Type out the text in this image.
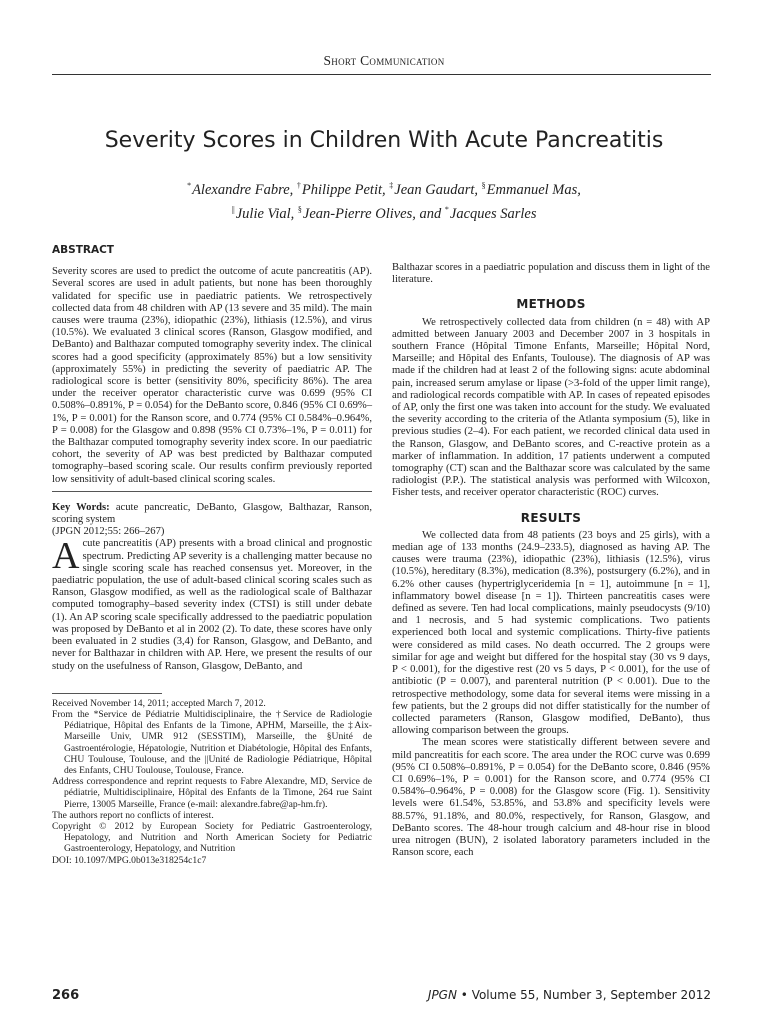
Short Communication
Severity Scores in Children With Acute Pancreatitis
*Alexandre Fabre, †Philippe Petit, ‡Jean Gaudart, §Emmanuel Mas,
||Julie Vial, §Jean-Pierre Olives, and *Jacques Sarles
ABSTRACT

Severity scores are used to predict the outcome of acute pancreatitis (AP). Several scores are used in adult patients, but none has been thoroughly validated for specific use in paediatric patients. We retrospectively collected data from 48 children with AP (13 severe and 35 mild). The main causes were trauma (23%), idiopathic (23%), lithiasis (12.5%), and virus (10.5%). We evaluated 3 clinical scores (Ranson, Glasgow modified, and DeBanto) and Balthazar computed tomography severity index. The clinical scores had a good specificity (approximately 85%) but a low sensitivity (approximately 55%) in predicting the severity of paediatric AP. The radiological score is better (sensitivity 80%, specificity 86%). The area under the receiver operator characteristic curve was 0.699 (95% CI 0.508%–0.891%, P = 0.054) for the DeBanto score, 0.846 (95% CI 0.69%–1%, P = 0.001) for the Ranson score, and 0.774 (95% CI 0.584%–0.964%, P = 0.008) for the Glasgow and 0.898 (95% CI 0.73%–1%, P = 0.011) for the Balthazar computed tomography severity index score. In our paediatric cohort, the severity of AP was best predicted by Balthazar computed tomography–based scoring scale. Our results confirm previously reported low sensitivity of adult-based clinical scoring scales.

Key Words: acute pancreatic, DeBanto, Glasgow, Balthazar, Ranson, scoring system

(JPGN 2012;55: 266–267)

Acute pancreatitis (AP) presents with a broad clinical and prognostic spectrum. Predicting AP severity is a challenging matter because no single scoring scale has reached consensus yet. Moreover, in the paediatric population, the use of adult-based clinical scoring scales such as Ranson, Glasgow modified, as well as the radiological scale of Balthazar computed tomography–based severity index (CTSI) is still under debate (1). An AP scoring scale specifically addressed to the paediatric population was proposed by DeBanto et al in 2002 (2). To date, these scores have only been evaluated in 2 studies (3,4) for Ranson, Glasgow, and DeBanto, and never for Balthazar in children with AP. Here, we present the results of our study on the usefulness of Ranson, Glasgow, DeBanto, and

Received November 14, 2011; accepted March 7, 2012.

From the *Service de Pédiatrie Multidisciplinaire, the †Service de Radiologie Pédiatrique, Hôpital des Enfants de la Timone, APHM, Marseille, the ‡Aix-Marseille Univ, UMR 912 (SESSTIM), Marseille, the §Unité de Gastroentérologie, Hépatologie, Nutrition et Diabétologie, Hôpital des Enfants, CHU Toulouse, Toulouse, and the ||Unité de Radiologie Pédiatrique, Hôpital des Enfants, CHU Toulouse, Toulouse, France.

Address correspondence and reprint requests to Fabre Alexandre, MD, Service de pédiatrie, Multidisciplinaire, Hôpital des Enfants de la Timone, 264 rue Saint Pierre, 13005 Marseille, France (e-mail: alexandre.fabre@ap-hm.fr).

The authors report no conflicts of interest.

Copyright © 2012 by European Society for Pediatric Gastroenterology, Hepatology, and Nutrition and North American Society for Pediatric Gastroenterology, Hepatology, and Nutrition

DOI: 10.1097/MPG.0b013e318254c1c7

Balthazar scores in a paediatric population and discuss them in light of the literature.

METHODS

We retrospectively collected data from children (n = 48) with AP admitted between January 2003 and December 2007 in 3 hospitals in southern France (Hôpital Timone Enfants, Marseille; Hôpital Nord, Marseille; and Hôpital des Enfants, Toulouse). The diagnosis of AP was made if the children had at least 2 of the following signs: acute abdominal pain, increased serum amylase or lipase (>3-fold of the upper limit range), and radiological records compatible with AP. In cases of repeated episodes of AP, only the first one was taken into account for the study. We evaluated the severity according to the criteria of the Atlanta symposium (5), like in previous studies (2–4). For each patient, we recorded clinical data used in the Ranson, Glasgow, and DeBanto scores, and C-reactive protein as a marker of inflammation. In addition, 17 patients underwent a computed tomography (CT) scan and the Balthazar score was calculated by the same radiologist (P.P.). The statistical analysis was performed with Wilcoxon, Fisher tests, and receiver operator characteristic (ROC) curves.

RESULTS

We collected data from 48 patients (23 boys and 25 girls), with a median age of 133 months (24.9–233.5), diagnosed as having AP. The causes were trauma (23%), idiopathic (23%), lithiasis (12.5%), virus (10.5%), hereditary (8.3%), medication (8.3%), postsurgery (6.2%), and in 6.2% other causes (hypertriglyceridemia [n = 1], autoimmune [n = 1], inflammatory bowel disease [n = 1]). Thirteen pancreatitis cases were defined as severe. Ten had local complications, mainly pseudocysts (9/10) and 1 necrosis, and 5 had systemic complications. Two patients experienced both local and systemic complications. Thirty-five patients were considered as mild cases. No death occurred. The 2 groups were similar for age and weight but differed for the hospital stay (30 vs 9 days, P < 0.001), for the digestive rest (20 vs 5 days, P < 0.001), for the use of antibiotic (P = 0.007), and parenteral nutrition (P < 0.001). Due to the retrospective methodology, some data for several items were missing in a few patients, but the 2 groups did not differ statistically for the number of collected parameters (Ranson, Glasgow modified, DeBanto), thus allowing comparison between the groups.

The mean scores were statistically different between severe and mild pancreatitis for each score. The area under the ROC curve was 0.699 (95% CI 0.508%–0.891%, P = 0.054) for the DeBanto score, 0.846 (95% CI 0.69%–1%, P = 0.001) for the Ranson score, and 0.774 (95% CI 0.584%–0.964%, P = 0.008) for the Glasgow score (Fig. 1). Sensitivity levels were 61.54%, 53.85%, and 53.8% and specificity levels were 88.57%, 91.18%, and 80.0%, respectively, for Ranson, Glasgow, and DeBanto scores. The 48-hour trough calcium and 48-hour rise in blood urea nitrogen (BUN), 2 isolated laboratory parameters included in the Ranson score, each

266	JPGN • Volume 55, Number 3, September 2012
